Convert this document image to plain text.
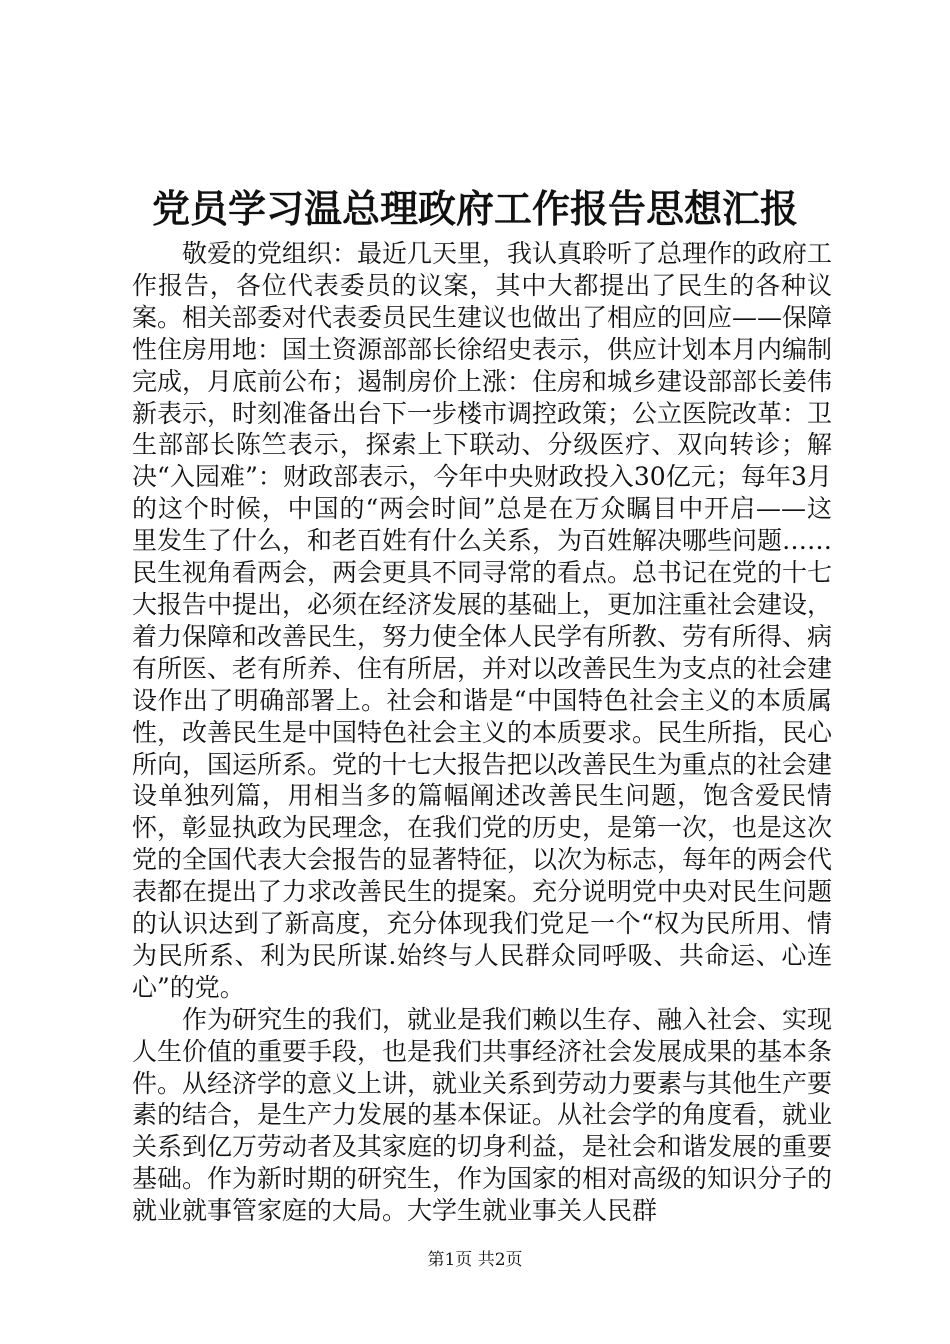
党员学习温总理政府工作报告思想汇报

敬爱的党组织：最近几天里，我认真聆听了总理作的政府工作报告，各位代表委员的议案，其中大都提出了民生的各种议案。相关部委对代表委员民生建议也做出了相应的回应——保障性住房用地：国土资源部部长徐绍史表示，供应计划本月内编制完成，月底前公布；遏制房价上涨：住房和城乡建设部部长姜伟新表示，时刻准备出台下一步楼市调控政策；公立医院改革：卫生部部长陈竺表示，探索上下联动、分级医疗、双向转诊；解决“入园难”：财政部表示，今年中央财政投入30亿元；每年3月的这个时候，中国的“两会时间”总是在万众瞩目中开启——这里发生了什么，和老百姓有什么关系，为百姓解决哪些问题……民生视角看两会，两会更具不同寻常的看点。总书记在党的十七大报告中提出，必须在经济发展的基础上，更加注重社会建设，着力保障和改善民生，努力使全体人民学有所教、劳有所得、病有所医、老有所养、住有所居，并对以改善民生为支点的社会建设作出了明确部署上。社会和谐是“中国特色社会主义的本质属性，改善民生是中国特色社会主义的本质要求。民生所指，民心所向，国运所系。党的十七大报告把以改善民生为重点的社会建设单独列篇，用相当多的篇幅阐述改善民生问题，饱含爱民情怀，彰显执政为民理念，在我们党的历史，是第一次，也是这次党的全国代表大会报告的显著特征，以次为标志，每年的两会代表都在提出了力求改善民生的提案。充分说明党中央对民生问题的认识达到了新高度，充分体现我们党足一个“权为民所用、情为民所系、利为民所谋.始终与人民群众同呼吸、共命运、心连心”的党。

作为研究生的我们，就业是我们赖以生存、融入社会、实现人生价值的重要手段，也是我们共事经济社会发展成果的基本条件。从经济学的意义上讲，就业关系到劳动力要素与其他生产要素的结合，是生产力发展的基本保证。从社会学的角度看，就业关系到亿万劳动者及其家庭的切身利益，是社会和谐发展的重要基础。作为新时期的研究生，作为国家的相对高级的知识分子的就业就事管家庭的大局。大学生就业事关人民群

第1页 共2页
